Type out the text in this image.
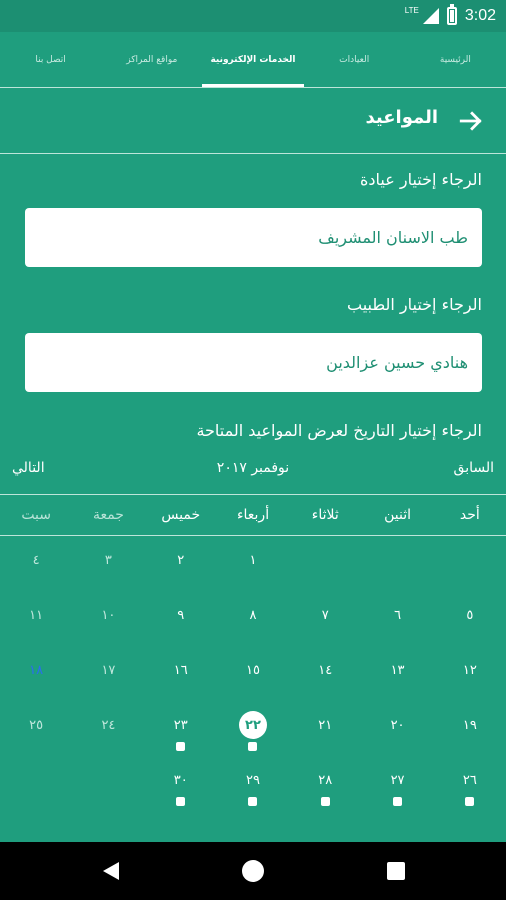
LTE	3:02
الرئيسية
العيادات
الخدمات الإلكترونية
مواقع المراكز
اتصل بنا
المواعيد
الرجاء إختيار عيادة
طب الاسنان المشريف
الرجاء إختيار الطبيب
هنادي حسين عزالدين
الرجاء إختيار التاريخ لعرض المواعيد المتاحة
السابق
نوفمبر ٢٠١٧
التالي
أحد
اثنين
ثلاثاء
أربعاء
خميس
جمعة
سبت
١
٢
٣
٤
٥
٦
٧
٨
٩
١٠
١١
١٢
١٣
١٤
١٥
١٦
١٧
١٨
١٩
٢٠
٢١
٢٢
٢٣
٢٤
٢٥
٢٦
٢٧
٢٨
٢٩
٣٠
